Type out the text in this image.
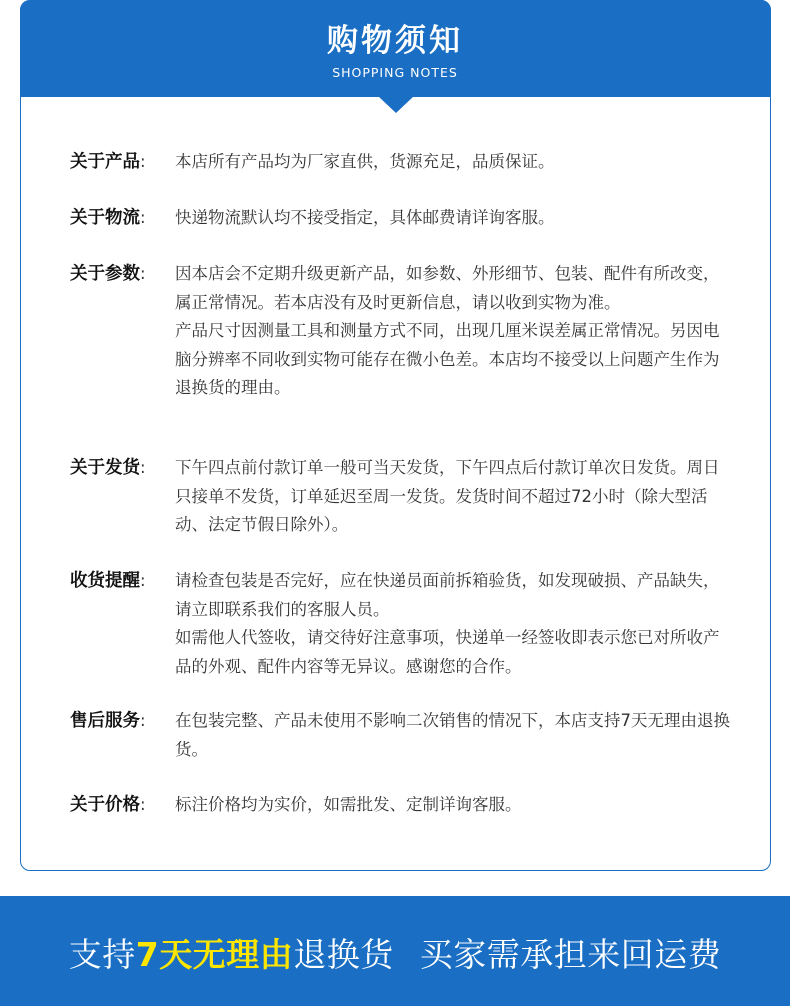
购物须知
SHOPPING NOTES
关于产品:	本店所有产品均为厂家直供，货源充足，品质保证。

关于物流:	快递物流默认均不接受指定，具体邮费请详询客服。

关于参数:	因本店会不定期升级更新产品，如参数、外形细节、包装、配件有所改变，属正常情况。若本店没有及时更新信息，请以收到实物为准。

产品尺寸因测量工具和测量方式不同，出现几厘米误差属正常情况。另因电脑分辨率不同收到实物可能存在微小色差。本店均不接受以上问题产生作为退换货的理由。

关于发货:	下午四点前付款订单一般可当天发货，下午四点后付款订单次日发货。周日只接单不发货，订单延迟至周一发货。发货时间不超过72小时（除大型活动、法定节假日除外）。

收货提醒:	请检查包装是否完好，应在快递员面前拆箱验货，如发现破损、产品缺失，请立即联系我们的客服人员。

如需他人代签收，请交待好注意事项，快递单一经签收即表示您已对所收产品的外观、配件内容等无异议。感谢您的合作。

售后服务:	在包装完整、产品未使用不影响二次销售的情况下，本店支持7天无理由退换货。

关于价格:	标注价格均为实价，如需批发、定制详询客服。

支持7天无理由退换货 买家需承担来回运费
